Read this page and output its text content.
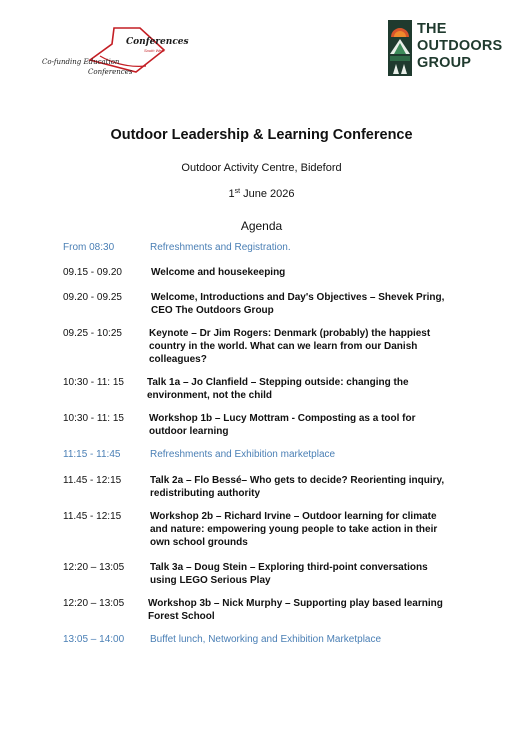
Conferences
South West
Co-funding Education
Conferences
THE
OUTDOORS
GROUP
Outdoor Leadership & Learning Conference
Outdoor Activity Centre, Bideford
1st June 2026
Agenda
From 08:30	Refreshments and Registration.
09.15 - 09.20	Welcome and housekeeping
09.20 - 09.25	Welcome, Introductions and Day's Objectives – Shevek Pring, CEO The Outdoors Group
09.25 - 10:25	Keynote – Dr Jim Rogers: Denmark (probably) the happiest country in the world. What can we learn from our Danish colleagues?
10:30 - 11: 15 Talk 1a – Jo Clanfield – Stepping outside: changing the environment, not the child
10:30 - 11: 15	Workshop 1b – Lucy Mottram - Composting as a tool for outdoor learning
11:15 - 11:45	Refreshments and Exhibition marketplace
11.45 - 12:15	Talk 2a – Flo Bessé– Who gets to decide? Reorienting inquiry, redistributing authority
11.45 - 12:15	Workshop 2b – Richard Irvine – Outdoor learning for climate and nature: empowering young people to take action in their own school grounds
12:20 – 13:05	Talk 3a – Doug Stein – Exploring third-point conversations using LEGO Serious Play
12:20 – 13:05 Workshop 3b – Nick Murphy – Supporting play based learning Forest School
13:05 – 14:00	Buffet lunch, Networking and Exhibition Marketplace
